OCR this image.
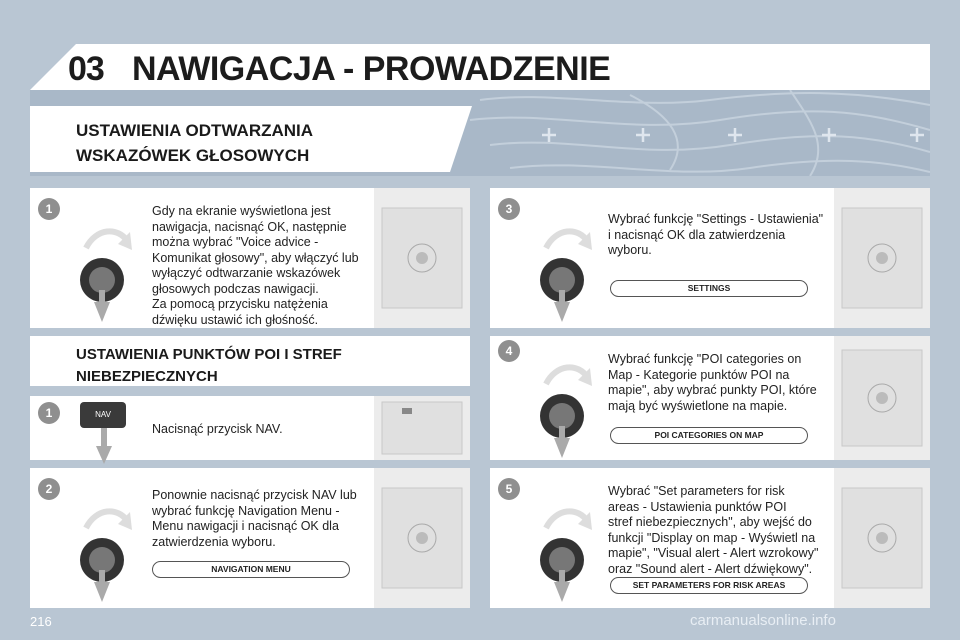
03 NAWIGACJA - PROWADZENIE
USTAWIENIA ODTWARZANIA
WSKAZÓWEK GŁOSOWYCH
USTAWIENIA PUNKTÓW POI I STREF
NIEBEZPIECZNYCH
Gdy na ekranie wyświetlona jest
nawigacja, nacisnąć OK, następnie
można wybrać "Voice advice -
Komunikat głosowy", aby włączyć lub
wyłączyć odtwarzanie wskazówek
głosowych podczas nawigacji.
Za pomocą przycisku natężenia
dźwięku ustawić ich głośność.
1
Nacisnąć przycisk NAV.
1	NAV
Ponownie nacisnąć przycisk NAV lub
wybrać funkcję Navigation Menu -
Menu nawigacji i nacisnąć OK dla
zatwierdzenia wyboru.
2
NAVIGATION MENU
Wybrać funkcję "Settings - Ustawienia"
i nacisnąć OK dla zatwierdzenia
wyboru.
3
SETTINGS
Wybrać funkcję "POI categories on
Map - Kategorie punktów POI na
mapie", aby wybrać punkty POI, które
mają być wyświetlone na mapie.
4
POI CATEGORIES ON MAP
Wybrać "Set parameters for risk
areas - Ustawienia punktów POI
stref niebezpiecznych", aby wejść do
funkcji "Display on map - Wyświetl na
mapie", "Visual alert - Alert wzrokowy"
oraz "Sound alert - Alert dźwiękowy".
5
SET PARAMETERS FOR RISK AREAS
216	carmanualsonline.info
